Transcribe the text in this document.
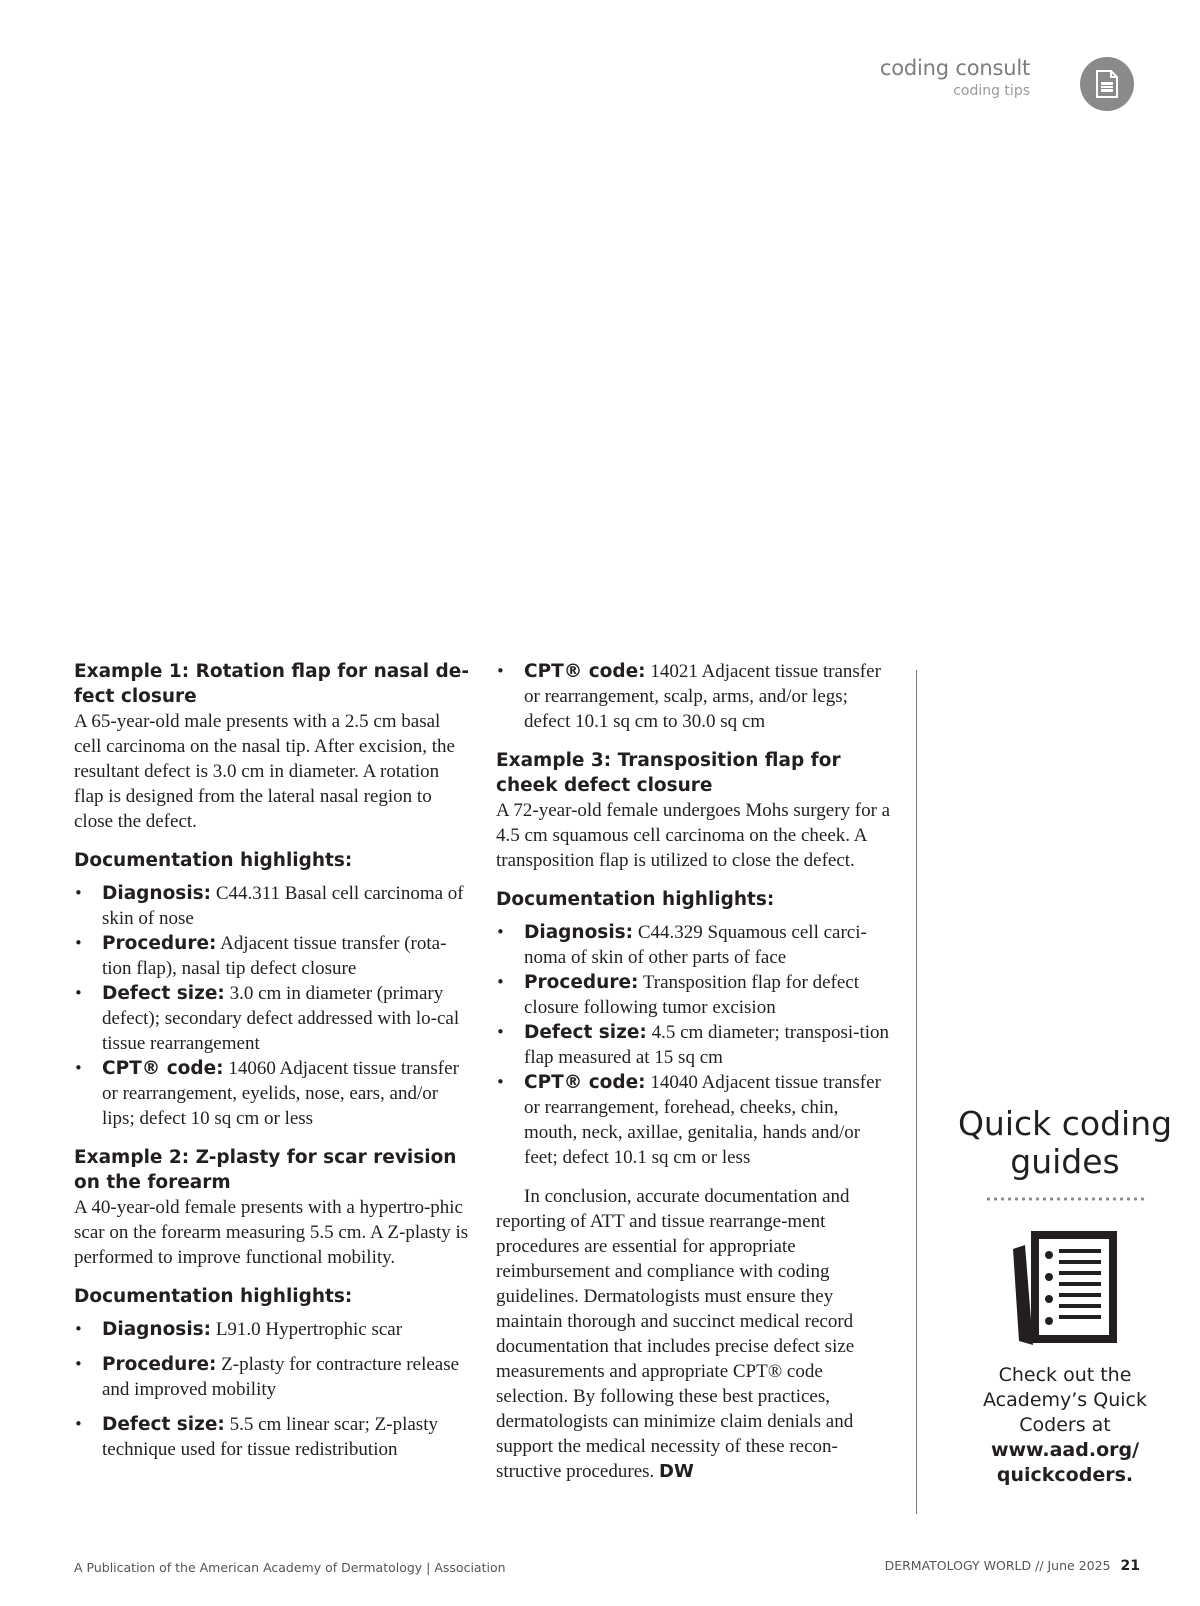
coding consult
coding tips

Example 1: Rotation flap for nasal de-fect closure

A 65-year-old male presents with a 2.5 cm basal cell carcinoma on the nasal tip. After excision, the resultant defect is 3.0 cm in diameter. A rotation flap is designed from the lateral nasal region to close the defect.

Documentation highlights:

• Diagnosis: C44.311 Basal cell carcinoma of skin of nose
• Procedure: Adjacent tissue transfer (rota-tion flap), nasal tip defect closure
• Defect size: 3.0 cm in diameter (primary defect); secondary defect addressed with lo-cal tissue rearrangement
• CPT® code: 14060 Adjacent tissue transfer or rearrangement, eyelids, nose, ears, and/or lips; defect 10 sq cm or less

Example 2: Z-plasty for scar revision on the forearm

A 40-year-old female presents with a hypertro-phic scar on the forearm measuring 5.5 cm. A Z-plasty is performed to improve functional mobility.

Documentation highlights:

• Diagnosis: L91.0 Hypertrophic scar
• Procedure: Z-plasty for contracture release and improved mobility
• Defect size: 5.5 cm linear scar; Z-plasty technique used for tissue redistribution
• CPT® code: 14021 Adjacent tissue transfer or rearrangement, scalp, arms, and/or legs; defect 10.1 sq cm to 30.0 sq cm

Example 3: Transposition flap for cheek defect closure

A 72-year-old female undergoes Mohs surgery for a 4.5 cm squamous cell carcinoma on the cheek. A transposition flap is utilized to close the defect.

Documentation highlights:

• Diagnosis: C44.329 Squamous cell carci-noma of skin of other parts of face
• Procedure: Transposition flap for defect closure following tumor excision
• Defect size: 4.5 cm diameter; transposi-tion flap measured at 15 sq cm
• CPT® code: 14040 Adjacent tissue transfer or rearrangement, forehead, cheeks, chin, mouth, neck, axillae, genitalia, hands and/or feet; defect 10.1 sq cm or less

In conclusion, accurate documentation and reporting of ATT and tissue rearrange-ment procedures are essential for appropriate reimbursement and compliance with coding guidelines. Dermatologists must ensure they maintain thorough and succinct medical record documentation that includes precise defect size measurements and appropriate CPT® code selection. By following these best practices, dermatologists can minimize claim denials and support the medical necessity of these recon-structive procedures. DW

Quick coding guides

Check out the Academy’s Quick Coders at
www.aad.org/ quickcoders.
A Publication of the American Academy of Dermatology | Association	DERMATOLOGY WORLD // June 2025 21
